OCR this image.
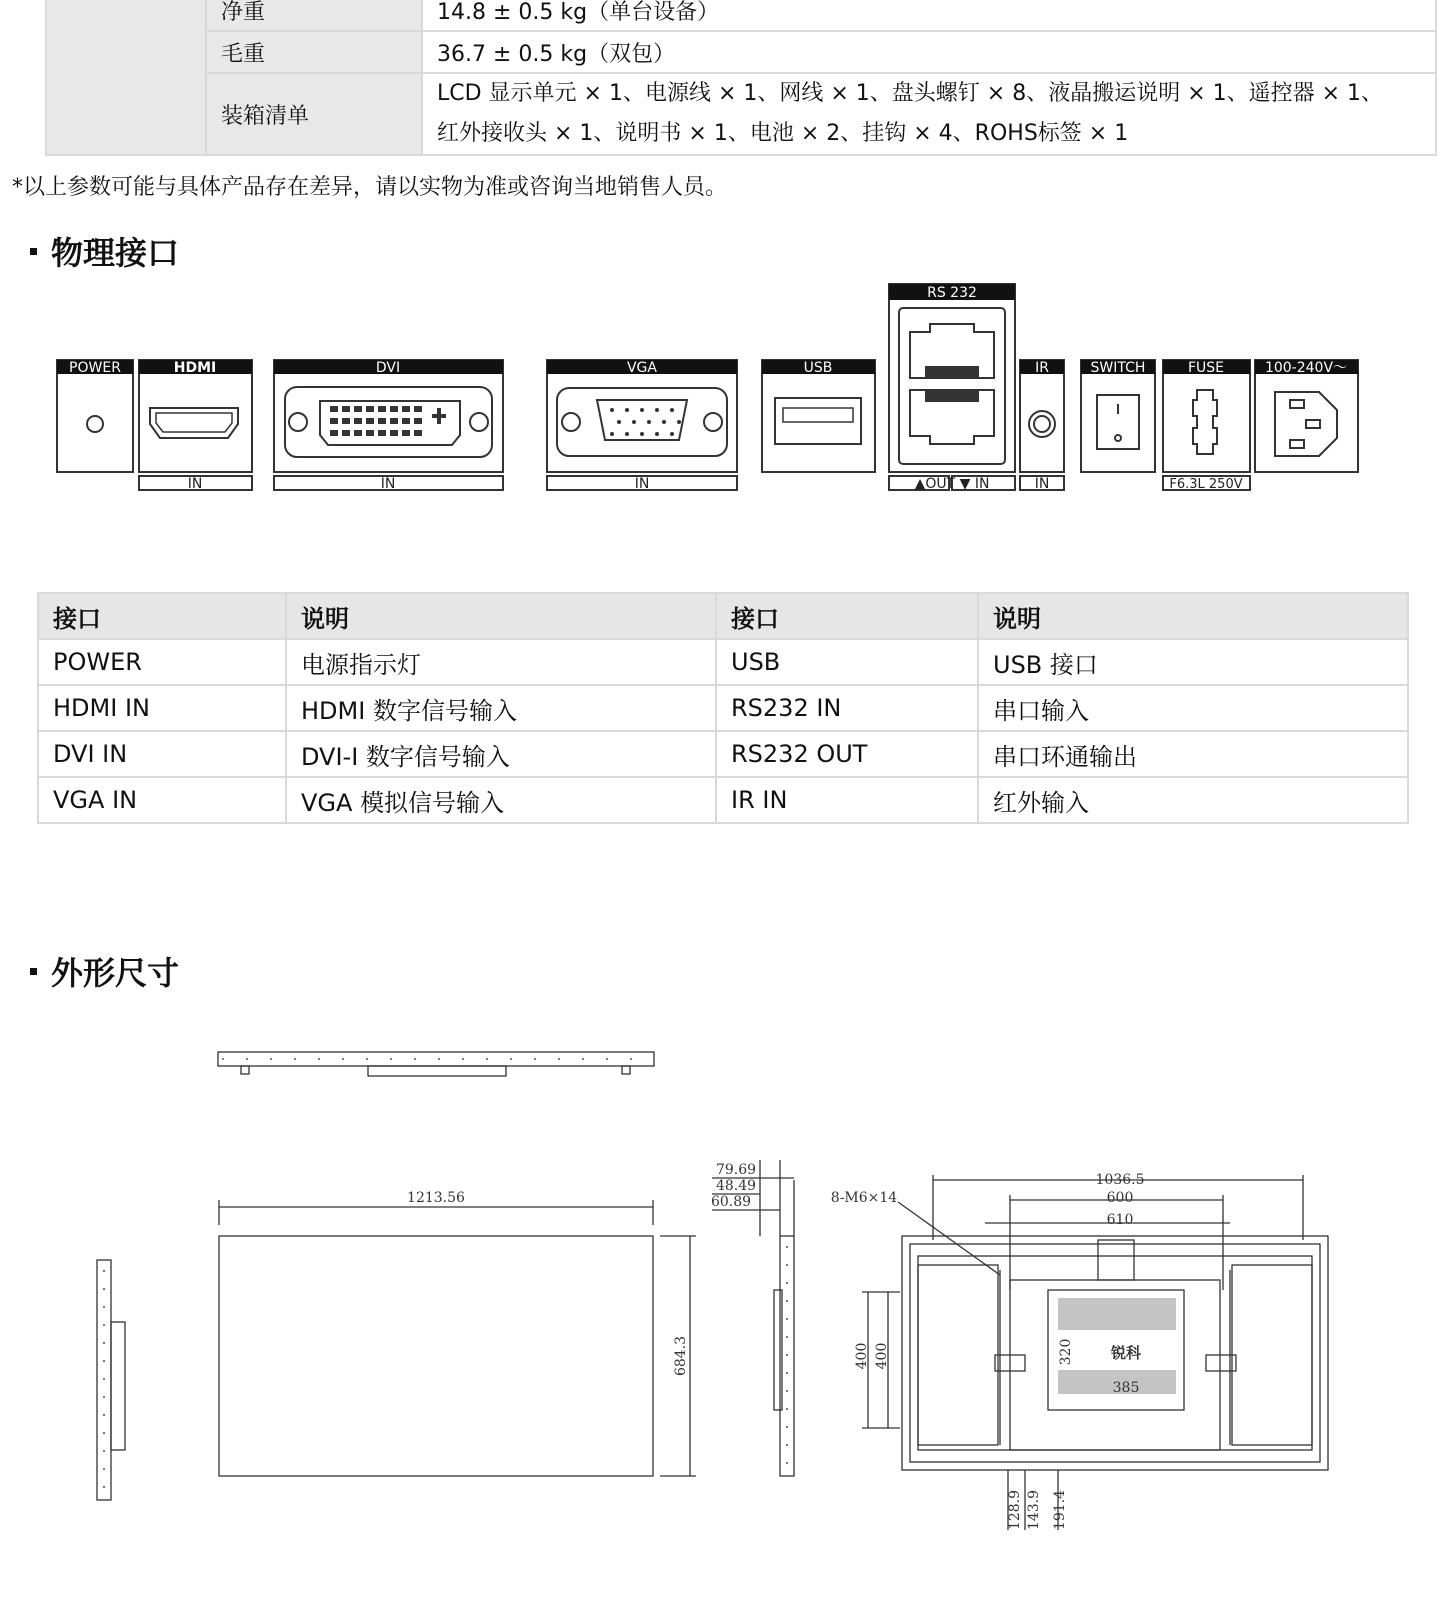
	净重	14.8 ± 0.5 kg（单台设备）
	毛重	36.7 ± 0.5 kg（双包）
	装箱清单	LCD 显示单元 × 1、电源线 × 1、网线 × 1、盘头螺钉 × 8、液晶搬运说明 × 1、遥控器 × 1、
红外接收头 × 1、说明书 × 1、电池 × 2、挂钩 × 4、ROHS标签 × 1
*以上参数可能与具体产品存在差异，请以实物为准或咨询当地销售人员。
物理接口
POWER	HDMI	DVI	VGA	USB
RS 232
IR	SWITCH	FUSE	100-240V～
IN	IN	IN	▲OUT ▼ IN	IN	F6.3L 250V
接口	说明	接口	说明
POWER	电源指示灯	USB	USB 接口
HDMI IN	HDMI 数字信号输入	RS232 IN	串口输入
DVI IN	DVI-I 数字信号输入	RS232 OUT	串口环通输出
VGA IN	VGA 模拟信号输入	IR IN	红外输入
外形尺寸
1213.56
684.3
79.69
48.49
60.89	8-M6×14
1036.5
600
610
400 400	320
385
锐科
128.9 143.9 191.4
